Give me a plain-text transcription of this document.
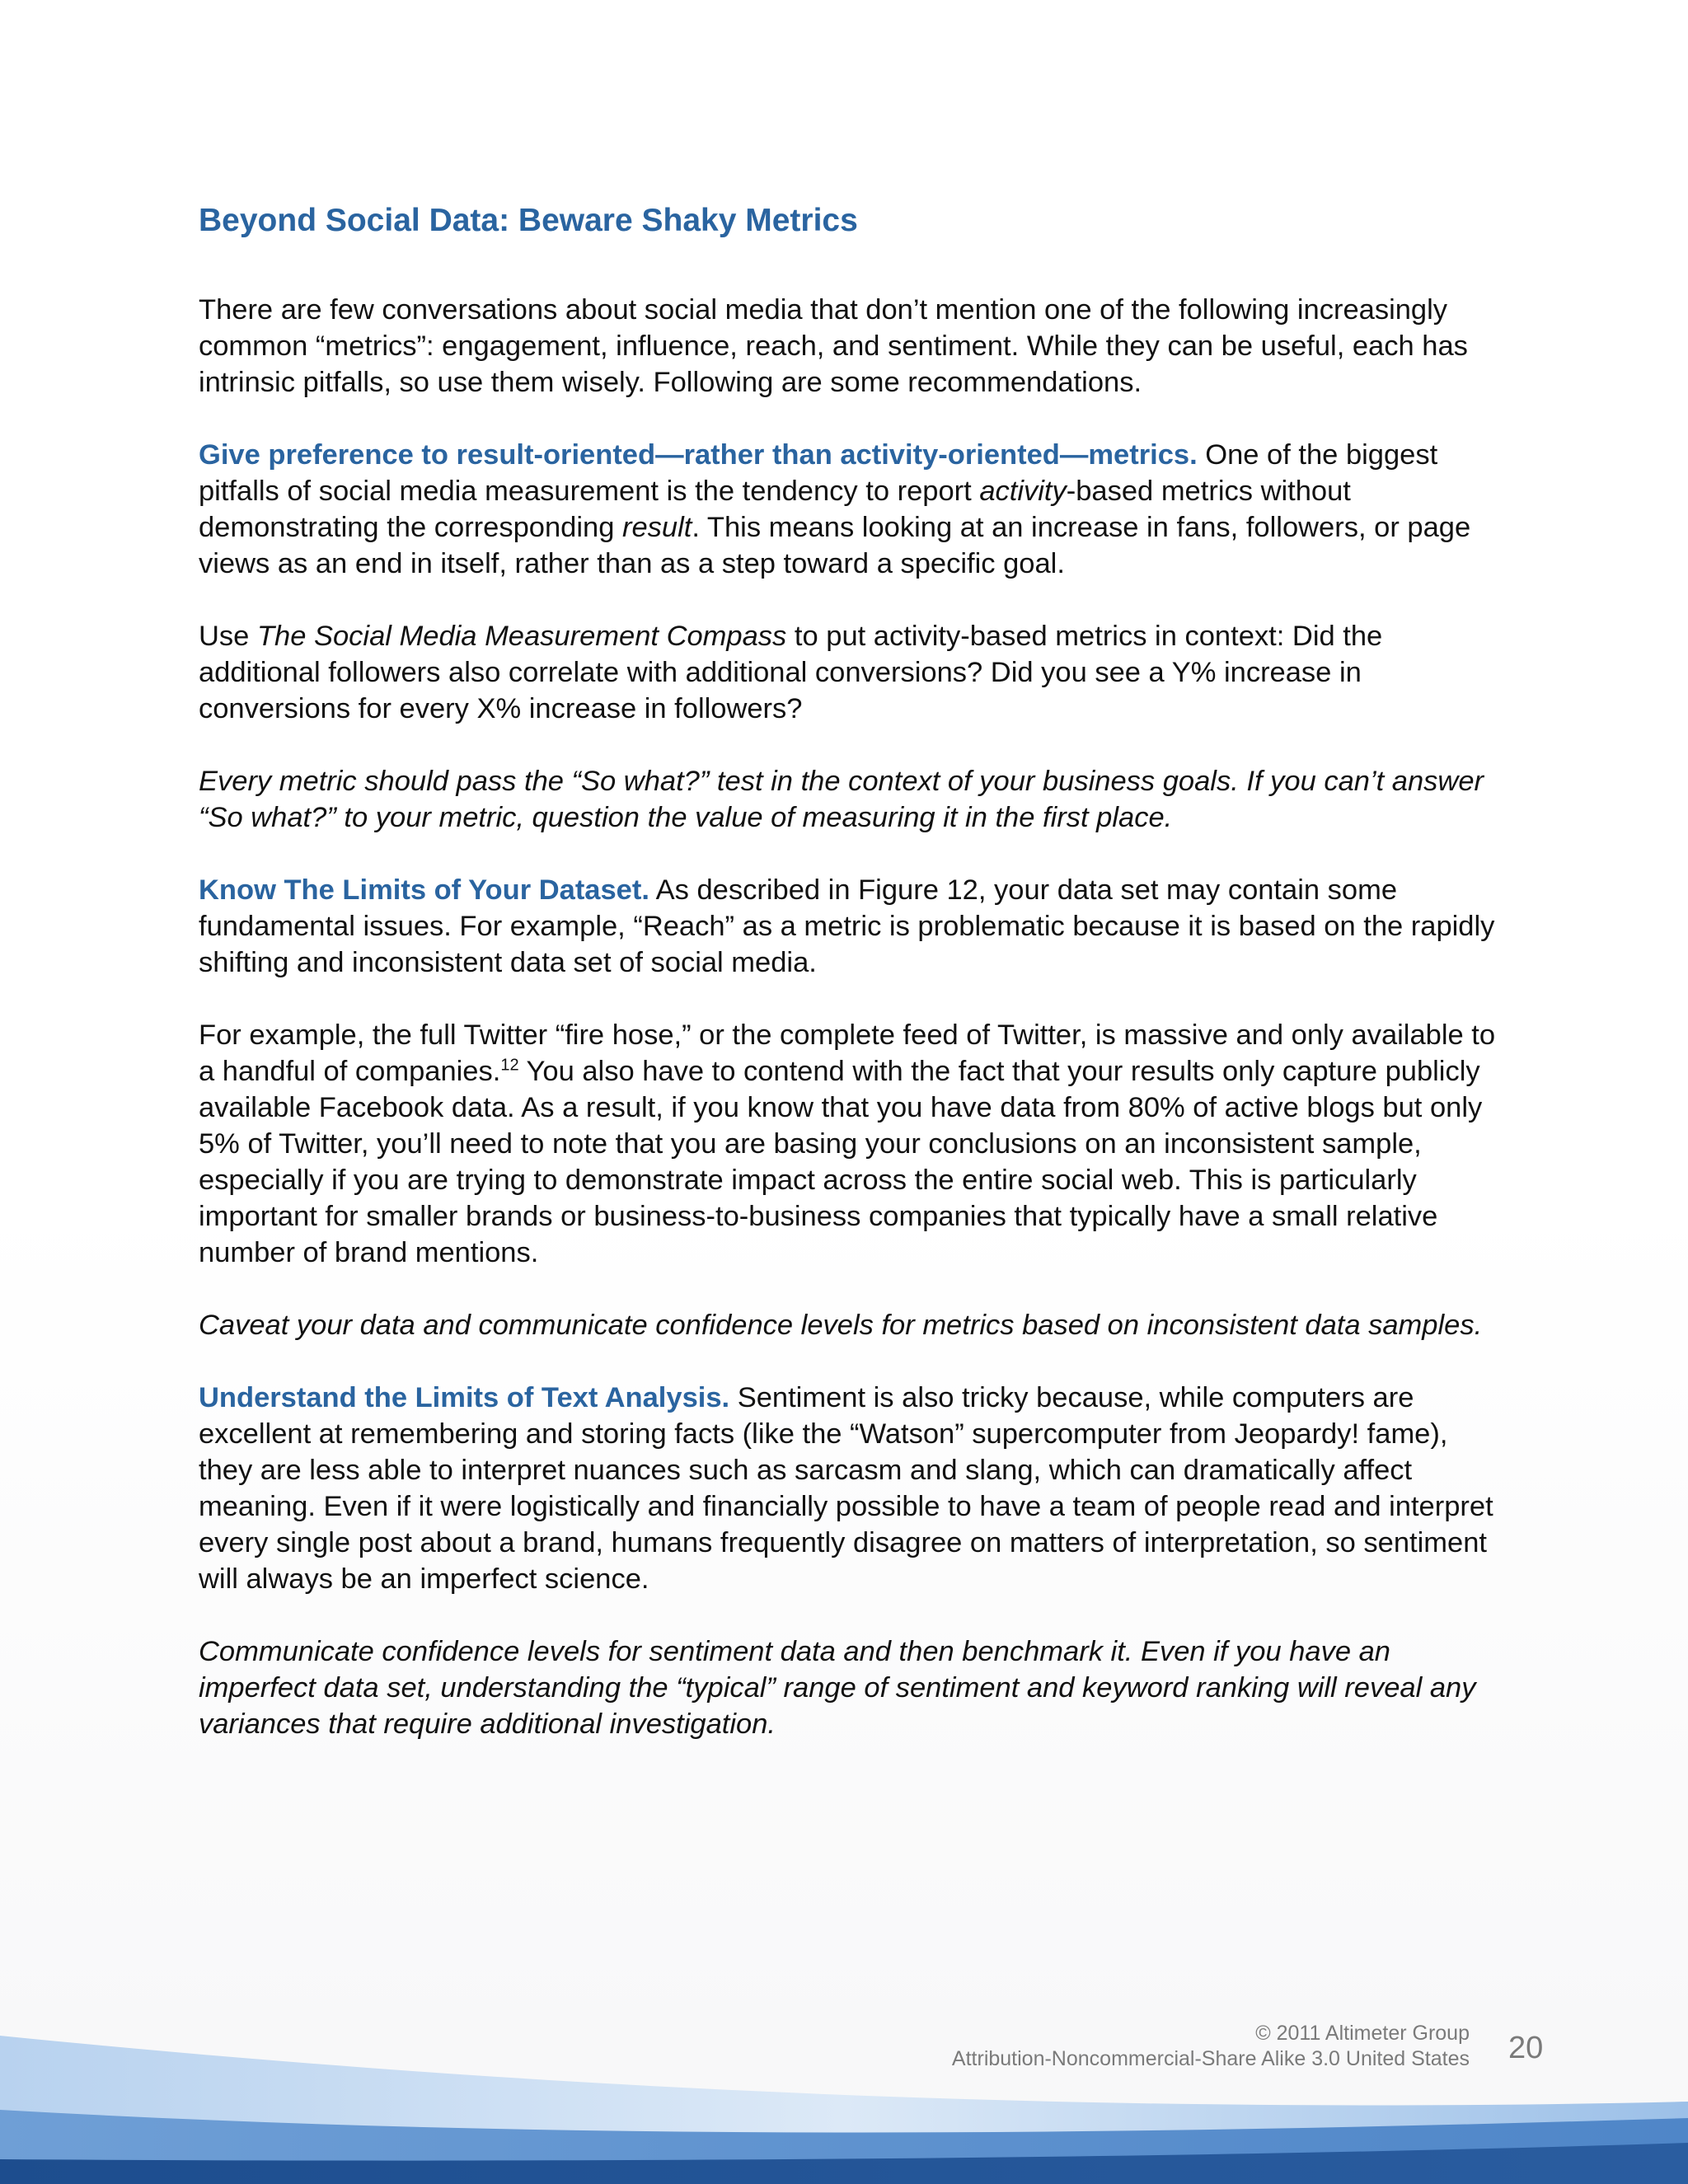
Beyond Social Data: Beware Shaky Metrics

There are few conversations about social media that don’t mention one of the following increasingly common “metrics”: engagement, influence, reach, and sentiment. While they can be useful, each has intrinsic pitfalls, so use them wisely. Following are some recommendations.

Give preference to result-oriented—rather than activity-oriented—metrics. One of the biggest pitfalls of social media measurement is the tendency to report activity-based metrics without demonstrating the corresponding result. This means looking at an increase in fans, followers, or page views as an end in itself, rather than as a step toward a specific goal.

Use The Social Media Measurement Compass to put activity-based metrics in context: Did the additional followers also correlate with additional conversions? Did you see a Y% increase in conversions for every X% increase in followers?

Every metric should pass the “So what?” test in the context of your business goals. If you can’t answer “So what?” to your metric, question the value of measuring it in the first place.

Know The Limits of Your Dataset. As described in Figure 12, your data set may contain some fundamental issues. For example, “Reach” as a metric is problematic because it is based on the rapidly shifting and inconsistent data set of social media.

For example, the full Twitter “fire hose,” or the complete feed of Twitter, is massive and only available to a handful of companies.$^{12}$ You also have to contend with the fact that your results only capture publicly available Facebook data. As a result, if you know that you have data from 80% of active blogs but only 5% of Twitter, you’ll need to note that you are basing your conclusions on an inconsistent sample, especially if you are trying to demonstrate impact across the entire social web. This is particularly important for smaller brands or business-to-business companies that typically have a small relative number of brand mentions.

Caveat your data and communicate confidence levels for metrics based on inconsistent data samples.

Understand the Limits of Text Analysis. Sentiment is also tricky because, while computers are excellent at remembering and storing facts (like the “Watson” supercomputer from Jeopardy! fame), they are less able to interpret nuances such as sarcasm and slang, which can dramatically affect meaning. Even if it were logistically and financially possible to have a team of people read and interpret every single post about a brand, humans frequently disagree on matters of interpretation, so sentiment will always be an imperfect science.

Communicate confidence levels for sentiment data and then benchmark it. Even if you have an imperfect data set, understanding the “typical” range of sentiment and keyword ranking will reveal any variances that require additional investigation.

© 2011 Altimeter Group
Attribution-Noncommercial-Share Alike 3.0 United States 20
